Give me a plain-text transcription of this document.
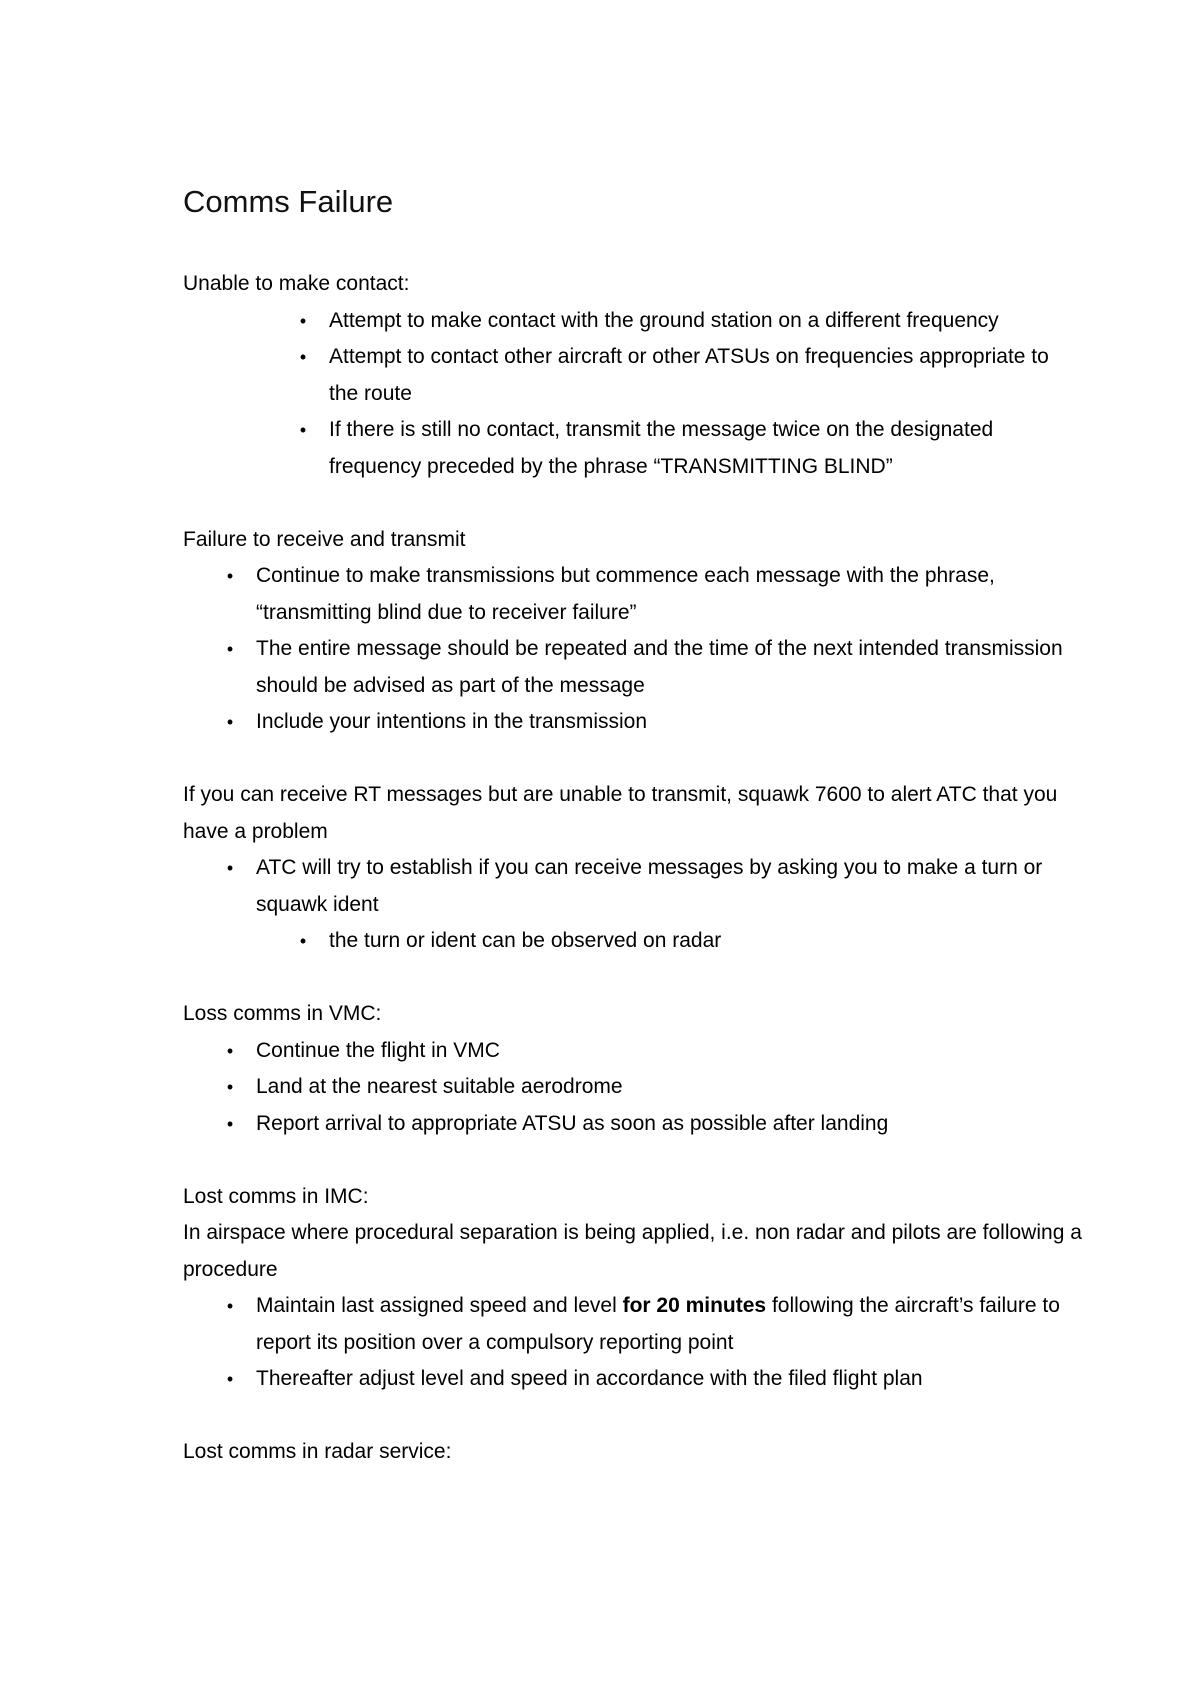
Comms Failure

Unable to make contact:

•	Attempt to make contact with the ground station on a different frequency
•	Attempt to contact other aircraft or other ATSUs on frequencies appropriate to the route
•	If there is still no contact, transmit the message twice on the designated frequency preceded by the phrase “TRANSMITTING BLIND”

Failure to receive and transmit

•	Continue to make transmissions but commence each message with the phrase, “transmitting blind due to receiver failure”
•	The entire message should be repeated and the time of the next intended transmission should be advised as part of the message
•	Include your intentions in the transmission

If you can receive RT messages but are unable to transmit, squawk 7600 to alert ATC that you have a problem

•	ATC will try to establish if you can receive messages by asking you to make a turn or squawk ident
•	the turn or ident can be observed on radar

Loss comms in VMC:

•	Continue the flight in VMC
•	Land at the nearest suitable aerodrome
•	Report arrival to appropriate ATSU as soon as possible after landing

Lost comms in IMC:

In airspace where procedural separation is being applied, i.e. non radar and pilots are following a procedure

•	Maintain last assigned speed and level for 20 minutes following the aircraft’s failure to report its position over a compulsory reporting point
•	Thereafter adjust level and speed in accordance with the filed flight plan

Lost comms in radar service:
